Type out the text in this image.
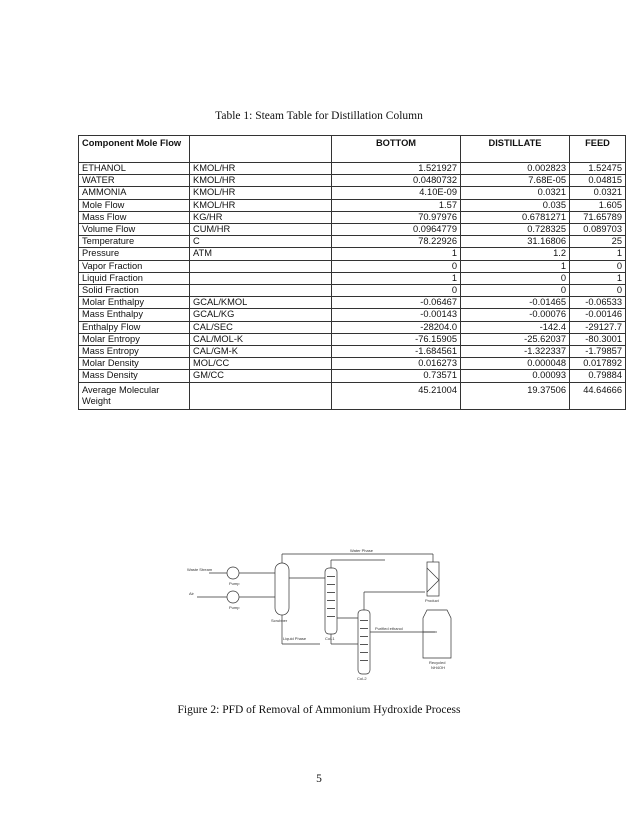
Table 1: Steam Table for Distillation Column
Component Mole Flow		BOTTOM	DISTILLATE	FEED
ETHANOL	KMOL/HR	1.521927	0.002823	1.52475
WATER	KMOL/HR	0.0480732	7.68E-05	0.04815
AMMONIA	KMOL/HR	4.10E-09	0.0321	0.0321
Mole Flow	KMOL/HR	1.57	0.035	1.605
Mass Flow	KG/HR	70.97976	0.6781271	71.65789
Volume Flow	CUM/HR	0.0964779	0.728325	0.089703
Temperature	C	78.22926	31.16806	25
Pressure	ATM	1	1.2	1
Vapor Fraction		0	1	0
Liquid Fraction		1	0	1
Solid Fraction		0	0	0
Molar Enthalpy	GCAL/KMOL	-0.06467	-0.01465	-0.06533
Mass Enthalpy	GCAL/KG	-0.00143	-0.00076	-0.00146
Enthalpy Flow	CAL/SEC	-28204.0	-142.4	-29127.7
Molar Entropy	CAL/MOL-K	-76.15905	-25.62037	-80.3001
Mass Entropy	CAL/GM-K	-1.684561	-1.322337	-1.79857
Molar Density	MOL/CC	0.016273	0.000048	0.017892
Mass Density	GM/CC	0.73571	0.00093	0.79884
Average Molecular Weight		45.21004	19.37506	44.64666
Waste Stream
Air
Pump
Pump
Scrubber
Liquid Phase
Water Phase
Col-1
Col-2
Purified ethanol
Product
Recycled
NH4OH
Figure 2: PFD of Removal of Ammonium Hydroxide Process
5
